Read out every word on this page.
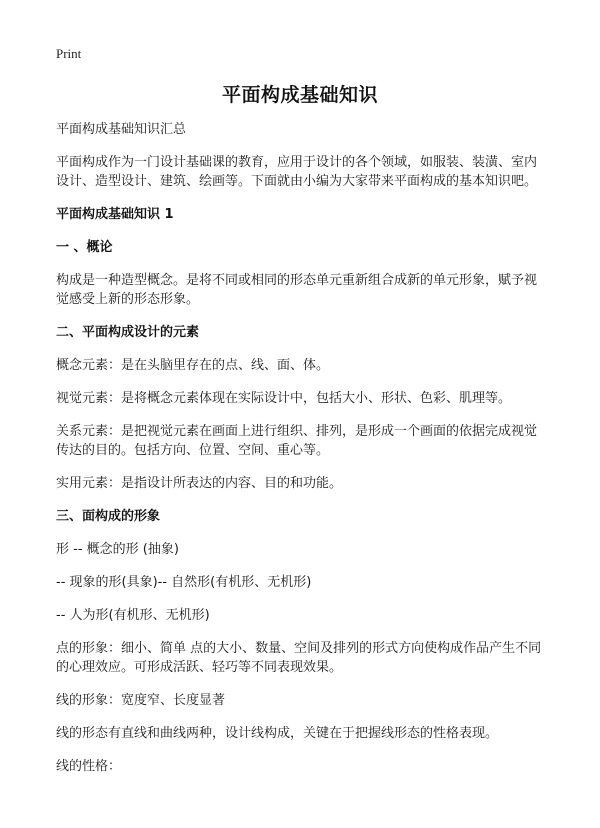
Print
平面构成基础知识
平面构成基础知识汇总
平面构成作为一门设计基础课的教育，应用于设计的各个领域，如服装、装潢、室内设计、造型设计、建筑、绘画等。下面就由小编为大家带来平面构成的基本知识吧。
平面构成基础知识 1
一 、概论
构成是一种造型概念。是将不同或相同的形态单元重新组合成新的单元形象，赋予视觉感受上新的形态形象。
二、平面构成设计的元素
概念元素：是在头脑里存在的点、线、面、体。
视觉元素：是将概念元素体现在实际设计中，包括大小、形状、色彩、肌理等。
关系元素：是把视觉元素在画面上进行组织、排列，是形成一个画面的依据完成视觉传达的目的。包括方向、位置、空间、重心等。
实用元素：是指设计所表达的内容、目的和功能。
三、面构成的形象
形 -- 概念的形 (抽象)
-- 现象的形(具象)-- 自然形(有机形、无机形)
-- 人为形(有机形、无机形)
点的形象：细小、简单 点的大小、数量、空间及排列的形式方向使构成作品产生不同的心理效应。可形成活跃、轻巧等不同表现效果。
线的形象：宽度窄、长度显著
线的形态有直线和曲线两种，设计线构成，关键在于把握线形态的性格表现。
线的性格：
